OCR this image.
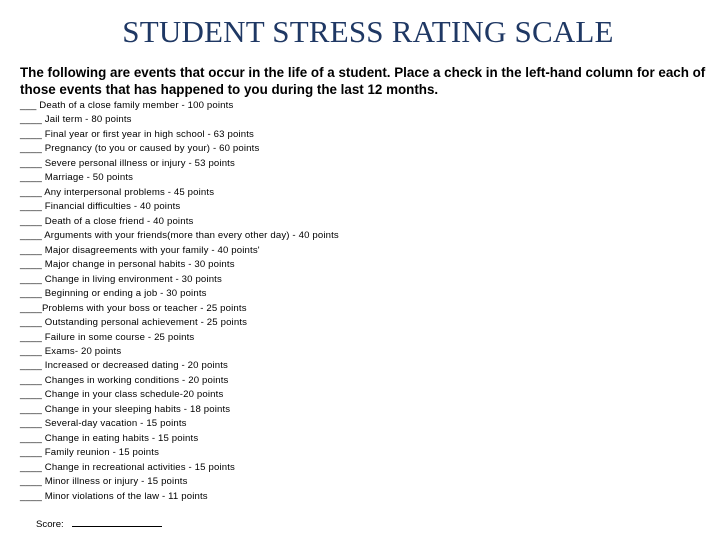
STUDENT STRESS RATING SCALE
The following are events that occur in the life of a student. Place a check in the left-hand column for each of those events that has happened to you during the last 12 months.
___ Death of a close family member - 100 points
____ Jail term - 80 points
____ Final year or first year in high school - 63 points
____ Pregnancy (to you or caused by your) - 60 points
____ Severe personal illness or injury - 53 points
____ Marriage - 50 points
____ Any interpersonal problems - 45 points
____ Financial difficulties - 40 points
____ Death of a close friend - 40 points
____ Arguments with your friends(more than every other day) - 40 points
____ Major disagreements with your family - 40 points'
____ Major change in personal habits - 30 points
____ Change in living environment - 30 points
____ Beginning or ending a job - 30 points
____Problems with your boss or teacher - 25 points
____ Outstanding personal achievement - 25 points
____ Failure in some course - 25 points
____ Exams- 20 points
____ Increased or decreased dating - 20 points
____ Changes in working conditions - 20 points
____ Change in your class schedule-20 points
____ Change in your sleeping habits - 18 points
____ Several-day vacation - 15 points
____ Change in eating habits - 15 points
____ Family reunion - 15 points
____ Change in recreational activities - 15 points
____ Minor illness or injury - 15 points
____ Minor violations of the law - 11 points
Score:
